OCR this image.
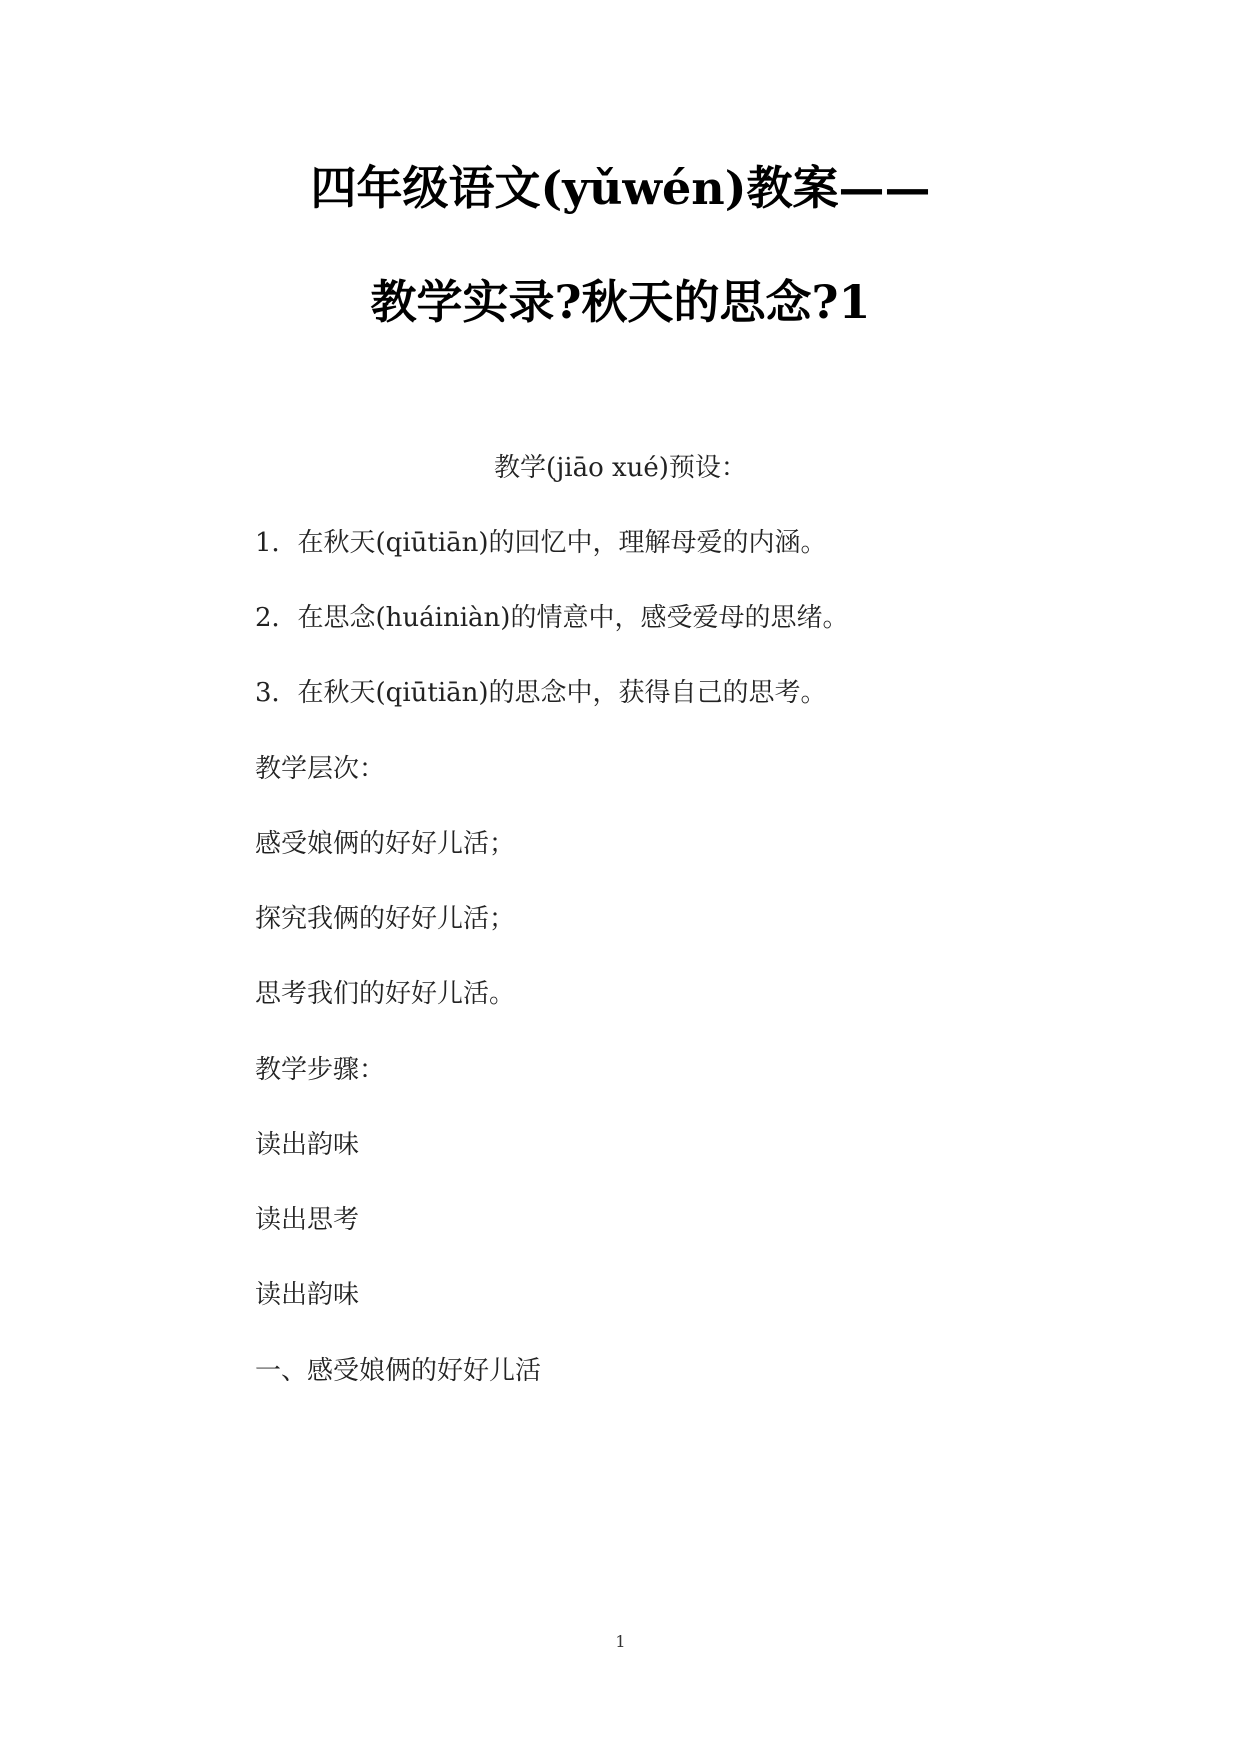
四年级语文(yǔwén)教案——
教学实录?秋天的思念?1
教学(jiāo xué)预设：
1．在秋天(qiūtiān)的回忆中，理解母爱的内涵。
2．在思念(huáiniàn)的情意中，感受爱母的思绪。
3．在秋天(qiūtiān)的思念中，获得自己的思考。
教学层次：
感受娘俩的好好儿活；
探究我俩的好好儿活；
思考我们的好好儿活。
教学步骤：
读出韵味
读出思考
读出韵味
一、感受娘俩的好好儿活
1
